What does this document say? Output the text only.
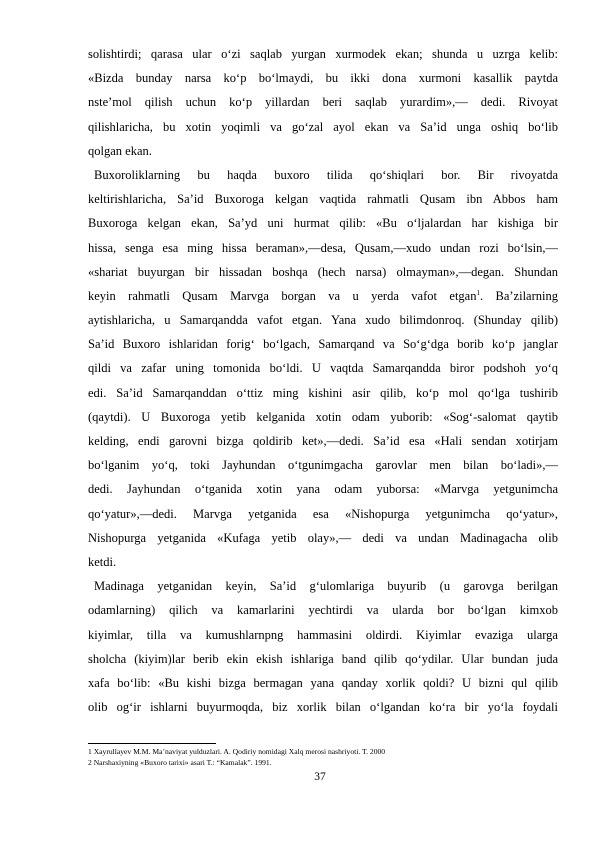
solishtirdi; qarasa ular o‘zi saqlab yurgan xurmodek ekan; shunda u uzrga kelib:
«Bizda bunday narsa ko‘p bo‘lmaydi, bu ikki dona xurmoni kasallik paytda
nste’mol qilish uchun ko‘p yillardan beri saqlab yurardim»,— dedi. Rivoyat
qilishlaricha, bu xotin yoqimli va go‘zal ayol ekan va Sa’id unga oshiq bo‘lib
qolgan ekan.
Buxoroliklarning bu haqda buxoro tilida qo‘shiqlari bor. Bir rivoyatda
keltirishlaricha, Sa’id Buxoroga kelgan vaqtida rahmatli Qusam ibn Abbos ham
Buxoroga kelgan ekan, Sa’yd uni hurmat qilib: «Bu o‘ljalardan har kishiga bir
hissa, senga esa ming hissa beraman»,—desa, Qusam,—xudo undan rozi bo‘lsin,—
«shariat buyurgan bir hissadan boshqa (hech narsa) olmayman»,—degan. Shundan
keyin rahmatli Qusam Marvga borgan va u yerda vafot etgan$^1$. Ba’zilarning
aytishlaricha, u Samarqandda vafot etgan. Yana xudo bilimdonroq. (Shunday qilib)
Sa’id Buxoro ishlaridan forig‘ bo‘lgach, Samarqand va So‘g‘dga borib ko‘p janglar
qildi va zafar uning tomonida bo‘ldi. U vaqtda Samarqandda biror podshoh yo‘q
edi. Sa’id Samarqanddan o‘ttiz ming kishini asir qilib, ko‘p mol qo‘lga tushirib
(qaytdi). U Buxoroga yetib kelganida xotin odam yuborib: «Sog‘-salomat qaytib
kelding, endi garovni bizga qoldirib ket»,—dedi. Sa’id esa «Hali sendan xotirjam
bo‘lganim yo‘q, toki Jayhundan o‘tgunimgacha garovlar men bilan bo‘ladi»,—
dedi. Jayhundan o‘tganida xotin yana odam yuborsa: «Marvga yetgunimcha
qo‘yatur»,—dedi. Marvga yetganida esa «Nishopurga yetgunimcha qo‘yatur»,
Nishopurga yetganida «Kufaga yetib olay»,— dedi va undan Madinagacha olib
ketdi.
Madinaga yetganidan keyin, Sa’id g‘ulomlariga buyurib (u garovga berilgan
odamlarning) qilich va kamarlarini yechtirdi va ularda bor bo‘lgan kimxob
kiyimlar, tilla va kumushlarnpng hammasini oldirdi. Kiyimlar evaziga ularga
sholcha (kiyim)lar berib ekin ekish ishlariga band qilib qo‘ydilar. Ular bundan juda
xafa bo‘lib: «Bu kishi bizga bermagan yana qanday xorlik qoldi? U bizni qul qilib
olib og‘ir ishlarni buyurmoqda, biz xorlik bilan o‘lgandan ko‘ra bir yo‘la foydali
1 Xayrullayev M.M. Ma’naviyat yulduzlari. A. Qodiriy nomidagi Xalq merosi nashriyoti. T. 2000
2 Narshaxiyning «Buxoro tarixi» asari T.: “Kamalak”. 1991.
37
